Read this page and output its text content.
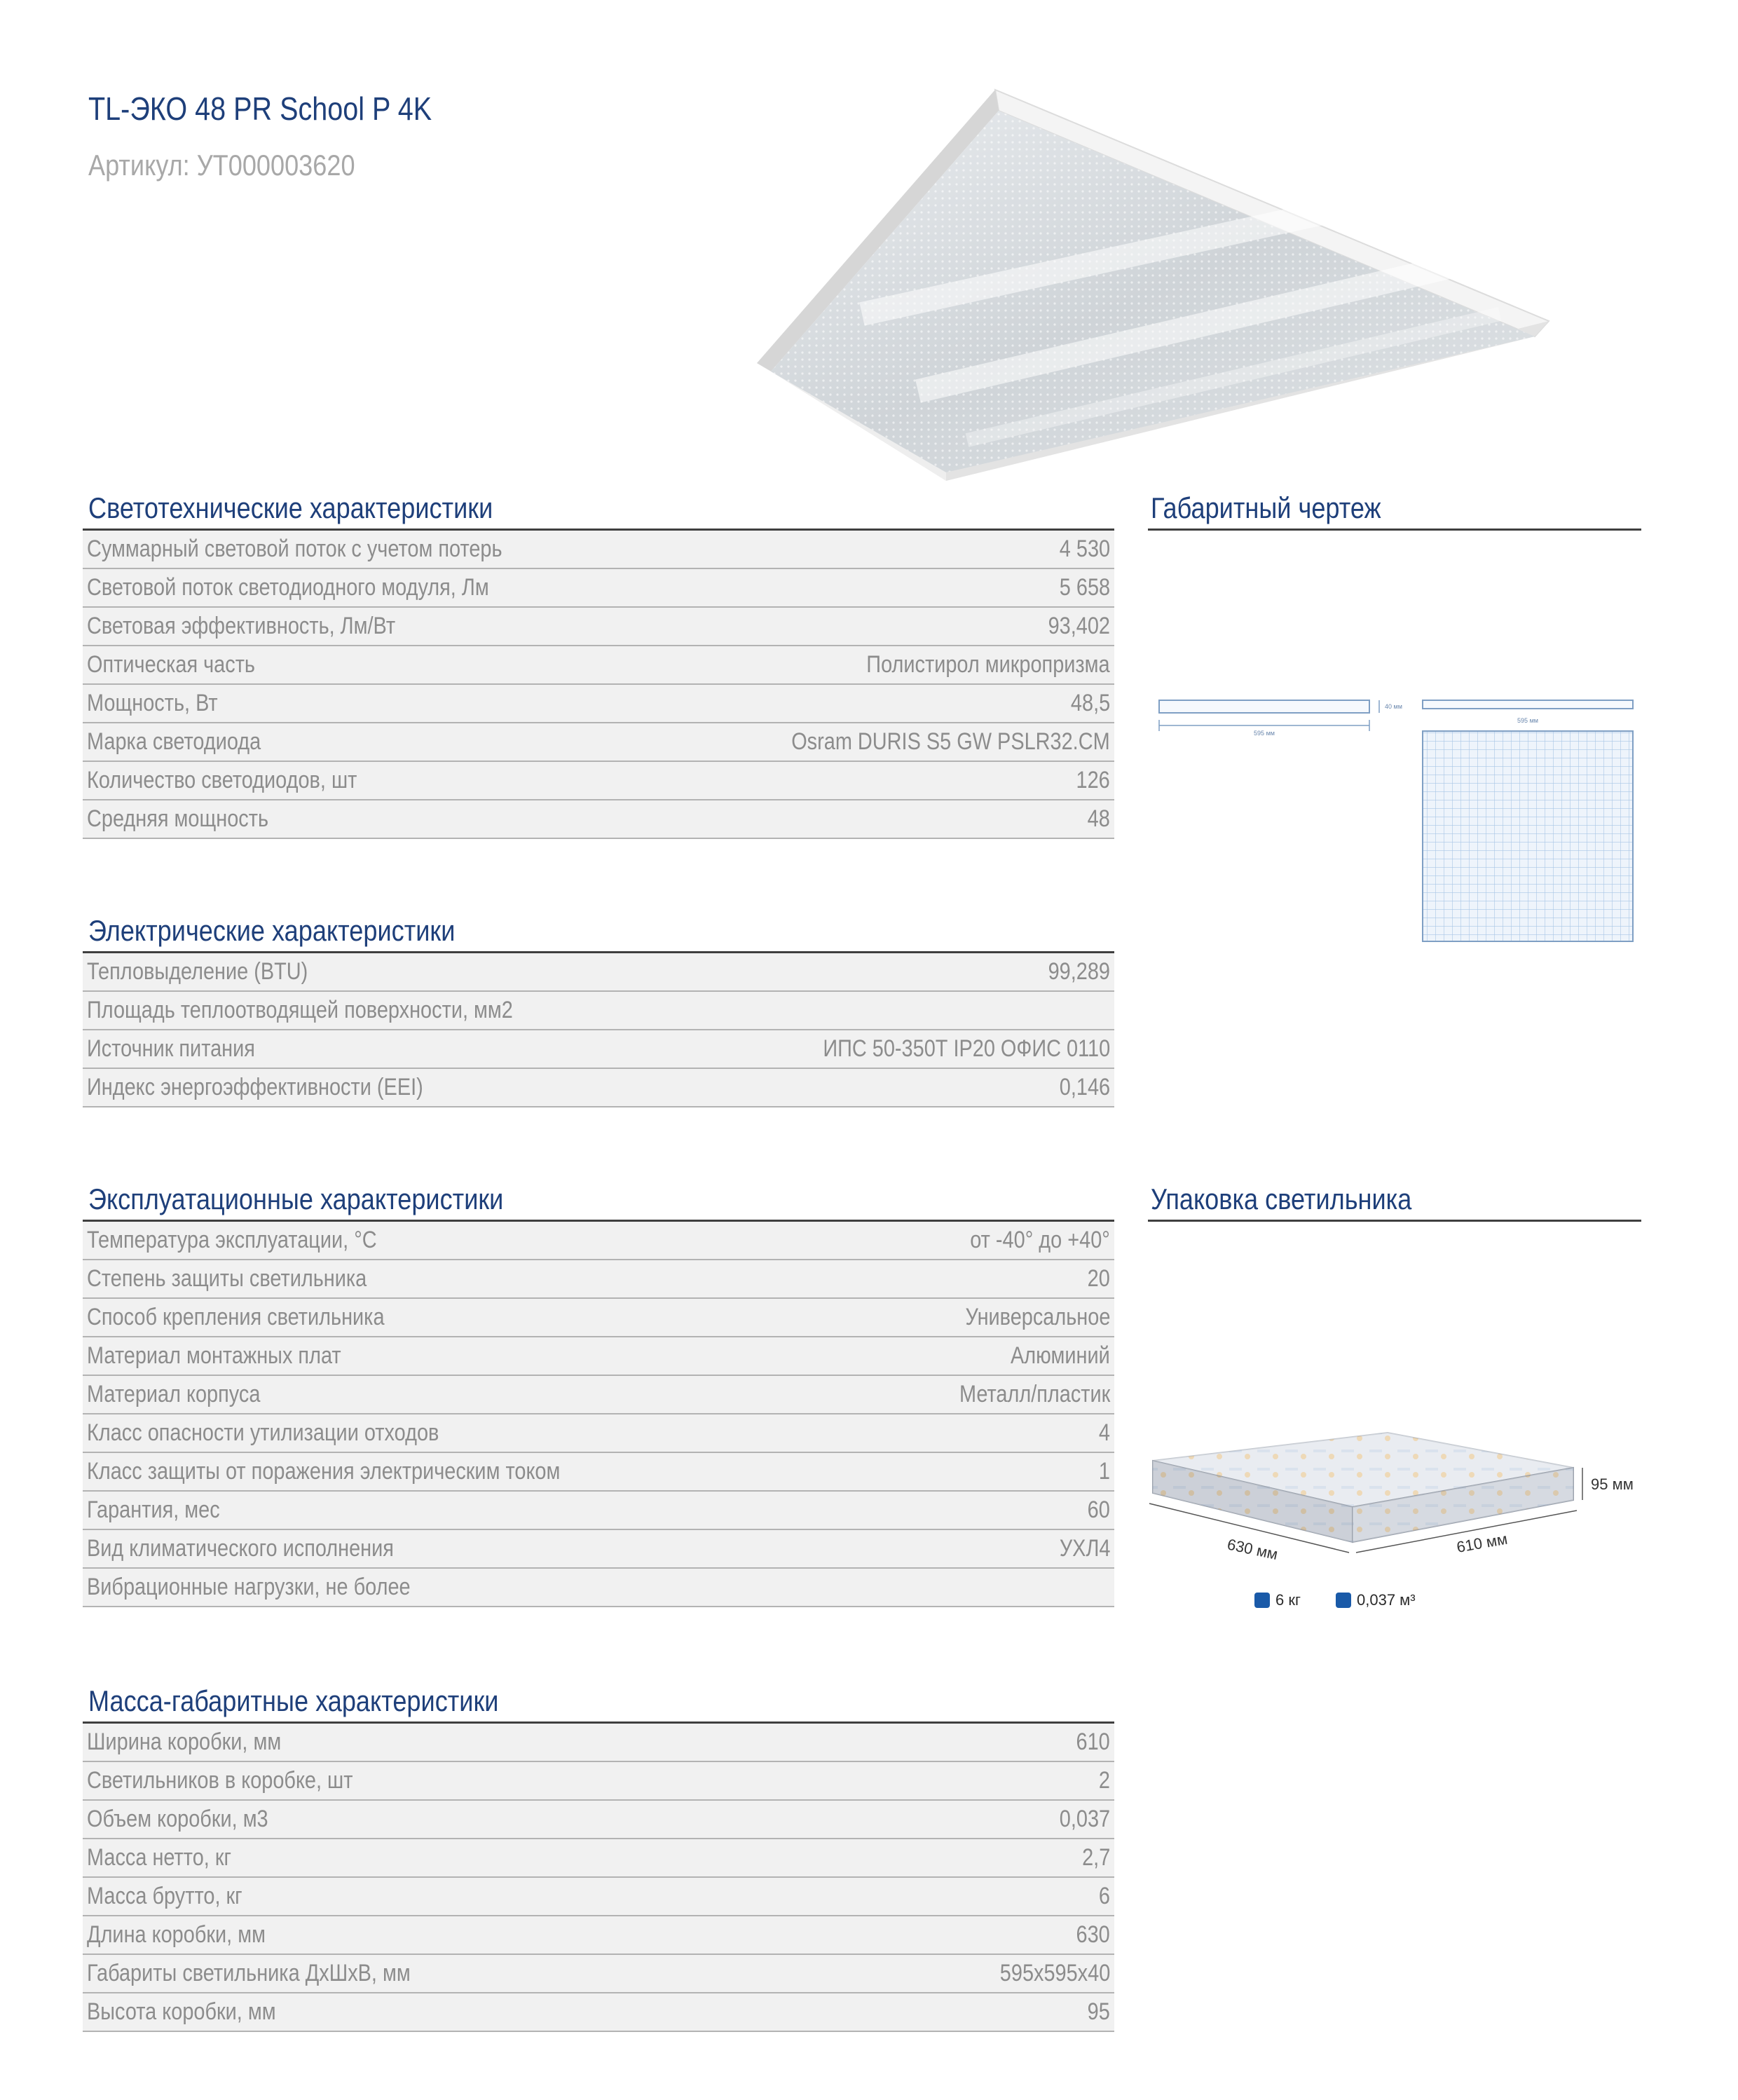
TL-ЭКО 48 PR School P 4K
Артикул: УТ000003620
Светотехнические характеристики
Суммарный световой поток с учетом потерь	4 530
Световой поток светодиодного модуля, Лм	5 658
Световая эффективность, Лм/Вт	93,402
Оптическая часть	Полистирол микропризма
Мощность, Вт	48,5
Марка светодиода	Osram DURIS S5 GW PSLR32.CM
Количество светодиодов, шт	126
Средняя мощность	48
Электрические характеристики
Тепловыделение (BTU)	99,289
Площадь теплоотводящей поверхности, мм2
Источник питания	ИПС 50-350Т IP20 ОФИС 0110
Индекс энергоэффективности (EEI)	0,146
Эксплуатационные характеристики
Температура эксплуатации, °С	от -40° до +40°
Степень защиты светильника	20
Способ крепления светильника	Универсальное
Материал монтажных плат	Алюминий
Материал корпуса	Металл/пластик
Класс опасности утилизации отходов	4
Класс защиты от поражения электрическим током	1
Гарантия, мес	60
Вид климатического исполнения	УХЛ4
Вибрационные нагрузки, не более
Масса-габаритные характеристики
Ширина коробки, мм	610
Светильников в коробке, шт	2
Объем коробки, м3	0,037
Масса нетто, кг	2,7
Масса брутто, кг	6
Длина коробки, мм	630
Габариты светильника ДхШхВ, мм	595x595x40
Высота коробки, мм	95
Габаритный чертеж
595 мм
40 мм
595 мм
Упаковка светильника
630 мм	610 мм
95 мм
6 кг	0,037 м³
